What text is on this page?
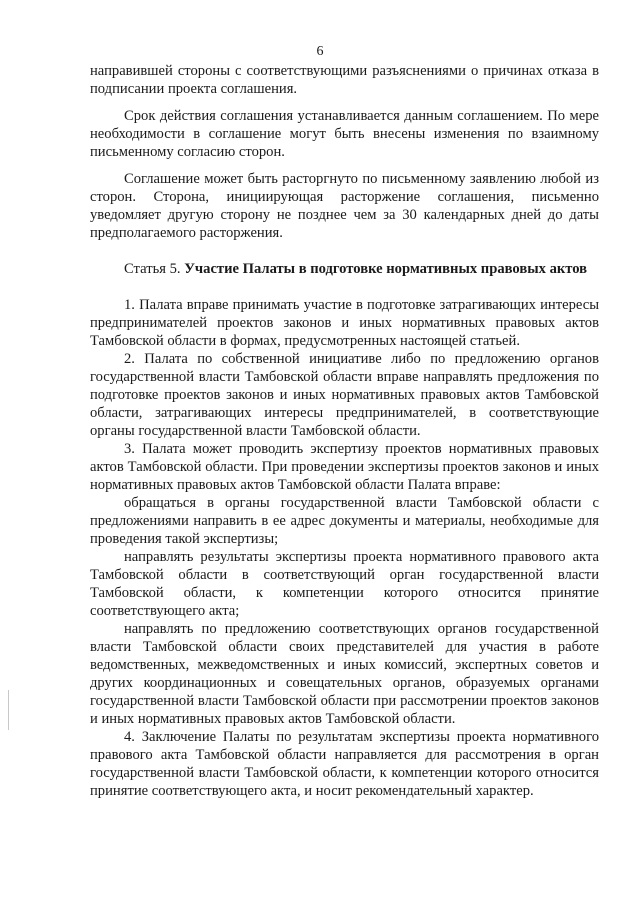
6

направившей стороны с соответствующими разъяснениями о причинах отказа в подписании проекта соглашения.

Срок действия соглашения устанавливается данным соглашением. По мере необходимости в соглашение могут быть внесены изменения по взаимному письменному согласию сторон.

Соглашение может быть расторгнуто по письменному заявлению любой из сторон. Сторона, инициирующая расторжение соглашения, письменно уведомляет другую сторону не позднее чем за 30 календарных дней до даты предполагаемого расторжения.

Статья 5. Участие Палаты в подготовке нормативных правовых актов

1. Палата вправе принимать участие в подготовке затрагивающих интересы предпринимателей проектов законов и иных нормативных правовых актов Тамбовской области в формах, предусмотренных настоящей статьей.

2. Палата по собственной инициативе либо по предложению органов государственной власти Тамбовской области вправе направлять предложения по подготовке проектов законов и иных нормативных правовых актов Тамбовской области, затрагивающих интересы предпринимателей, в соответствующие органы государственной власти Тамбовской области.

3. Палата может проводить экспертизу проектов нормативных правовых актов Тамбовской области. При проведении экспертизы проектов законов и иных нормативных правовых актов Тамбовской области Палата вправе:

обращаться в органы государственной власти Тамбовской области с предложениями направить в ее адрес документы и материалы, необходимые для проведения такой экспертизы;

направлять результаты экспертизы проекта нормативного правового акта Тамбовской области в соответствующий орган государственной власти Тамбовской области, к компетенции которого относится принятие соответствующего акта;

направлять по предложению соответствующих органов государственной власти Тамбовской области своих представителей для участия в работе ведомственных, межведомственных и иных комиссий, экспертных советов и других координационных и совещательных органов, образуемых органами государственной власти Тамбовской области при рассмотрении проектов законов и иных нормативных правовых актов Тамбовской области.

4. Заключение Палаты по результатам экспертизы проекта нормативного правового акта Тамбовской области направляется для рассмотрения в орган государственной власти Тамбовской области, к компетенции которого относится принятие соответствующего акта, и носит рекомендательный характер.
